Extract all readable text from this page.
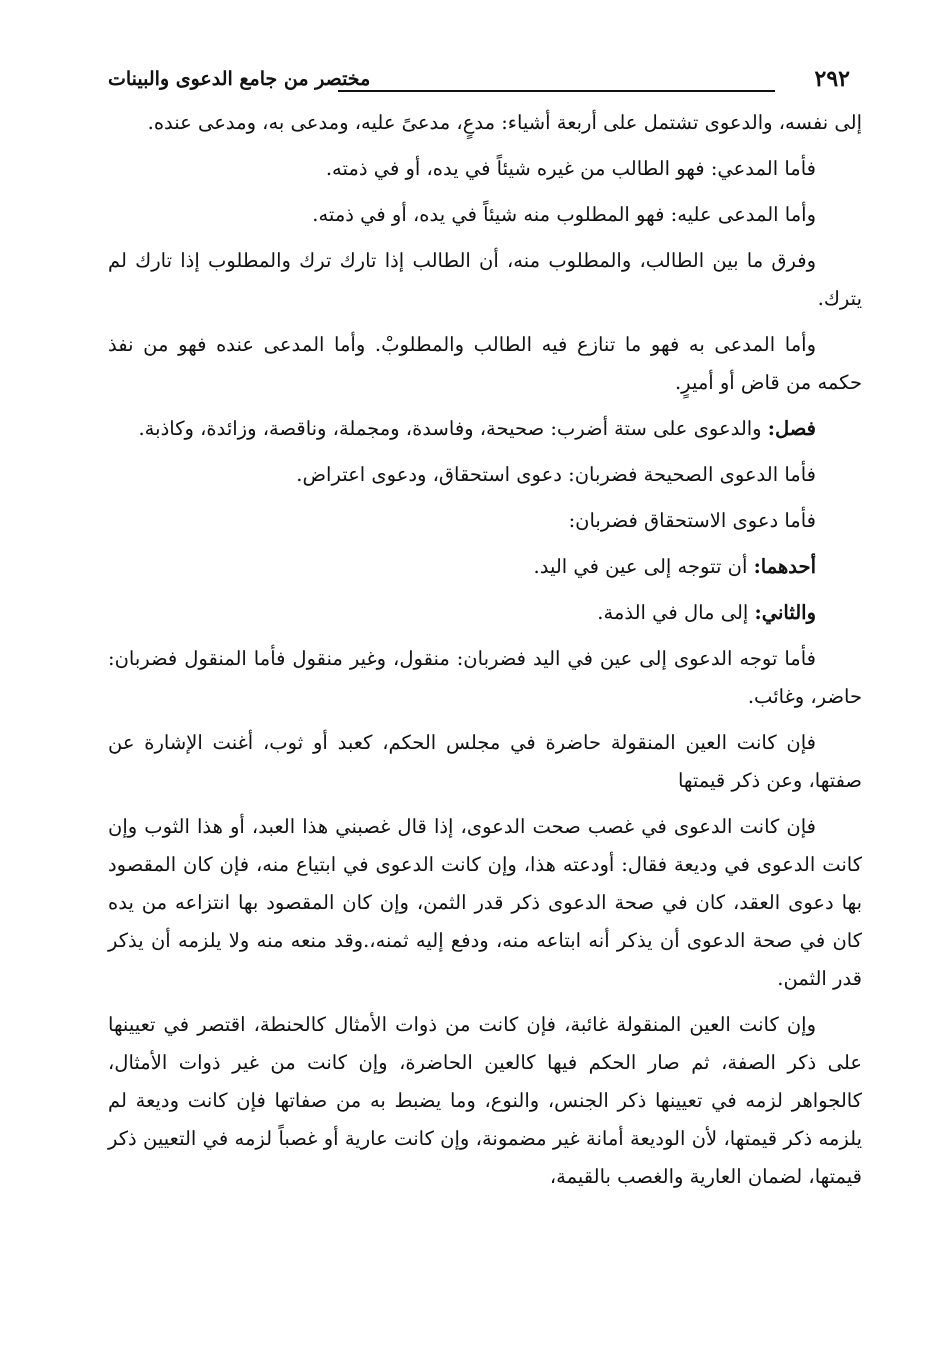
٢٩٢
مختصر من جامع الدعوى والبينات

إلى نفسه، والدعوى تشتمل على أربعة أشياء: مدعٍ، مدعىً عليه، ومدعى به، ومدعى عنده.

فأما المدعي: فهو الطالب من غيره شيئاً في يده، أو في ذمته.

وأما المدعى عليه: فهو المطلوب منه شيئاً في يده، أو في ذمته.

وفرق ما بين الطالب، والمطلوب منه، أن الطالب إذا تارك ترك والمطلوب إذا تارك لم يترك.

وأما المدعى به فهو ما تنازع فيه الطالب والمطلوبْ. وأما المدعى عنده فهو من نفذ حكمه من قاض أو أميرٍ.

فصل: والدعوى على ستة أضرب: صحيحة، وفاسدة، ومجملة، وناقصة، وزائدة، وكاذبة.

فأما الدعوى الصحيحة فضربان: دعوى استحقاق، ودعوى اعتراض.

فأما دعوى الاستحقاق فضربان:

أحدهما: أن تتوجه إلى عين في اليد.

والثاني: إلى مال في الذمة.

فأما توجه الدعوى إلى عين في اليد فضربان: منقول، وغير منقول فأما المنقول فضربان: حاضر، وغائب.

فإن كانت العين المنقولة حاضرة في مجلس الحكم، كعبد أو ثوب، أغنت الإشارة عن صفتها، وعن ذكر قيمتها

فإن كانت الدعوى في غصب صحت الدعوى، إذا قال غصبني هذا العبد، أو هذا الثوب وإن كانت الدعوى في وديعة فقال: أودعته هذا، وإن كانت الدعوى في ابتياع منه، فإن كان المقصود بها دعوى العقد، كان في صحة الدعوى ذكر قدر الثمن، وإن كان المقصود بها انتزاعه من يده كان في صحة الدعوى أن يذكر أنه ابتاعه منه، ودفع إليه ثمنه،.وقد منعه منه ولا يلزمه أن يذكر قدر الثمن.

وإن كانت العين المنقولة غائبة، فإن كانت من ذوات الأمثال كالحنطة، اقتصر في تعيينها على ذكر الصفة، ثم صار الحكم فيها كالعين الحاضرة، وإن كانت من غير ذوات الأمثال، كالجواهر لزمه في تعيينها ذكر الجنس، والنوع، وما يضبط به من صفاتها فإن كانت وديعة لم يلزمه ذكر قيمتها، لأن الوديعة أمانة غير مضمونة، وإن كانت عارية أو غصباً لزمه في التعيين ذكر قيمتها، لضمان العارية والغصب بالقيمة،
